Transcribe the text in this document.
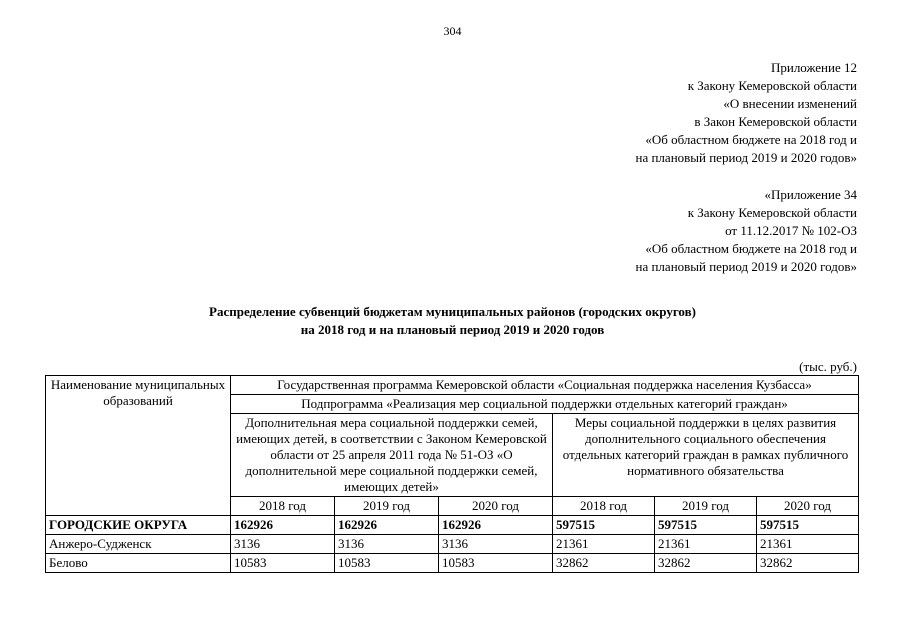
304
Приложение 12
к Закону Кемеровской области
«О внесении изменений
в Закон Кемеровской области
«Об областном бюджете на 2018 год и
на плановый период 2019 и 2020 годов»
«Приложение 34
к Закону Кемеровской области
от 11.12.2017 № 102-ОЗ
«Об областном бюджете на 2018 год и
на плановый период 2019 и 2020 годов»
Распределение субвенций бюджетам муниципальных районов (городских округов)
на 2018 год и на плановый период 2019 и 2020 годов
(тыс. руб.)
Наименование муниципальных образований	Государственная программа Кемеровской области «Социальная поддержка населения Кузбасса»					
	Подпрограмма «Реализация мер социальной поддержки отдельных категорий граждан»					
	Дополнительная мера социальной поддержки семей, имеющих детей, в соответствии с Законом Кемеровской области от 25 апреля 2011 года № 51-ОЗ «О дополнительной мере социальной поддержки семей, имеющих детей»			Меры социальной поддержки в целях развития дополнительного социального обеспечения отдельных категорий граждан в рамках публичного нормативного обязательства		
	2018 год	2019 год	2020 год	2018 год	2019 год	2020 год
ГОРОДСКИЕ ОКРУГА	162926	162926	162926	597515	597515	597515
Анжеро-Судженск	3136	3136	3136	21361	21361	21361
Белово	10583	10583	10583	32862	32862	32862
